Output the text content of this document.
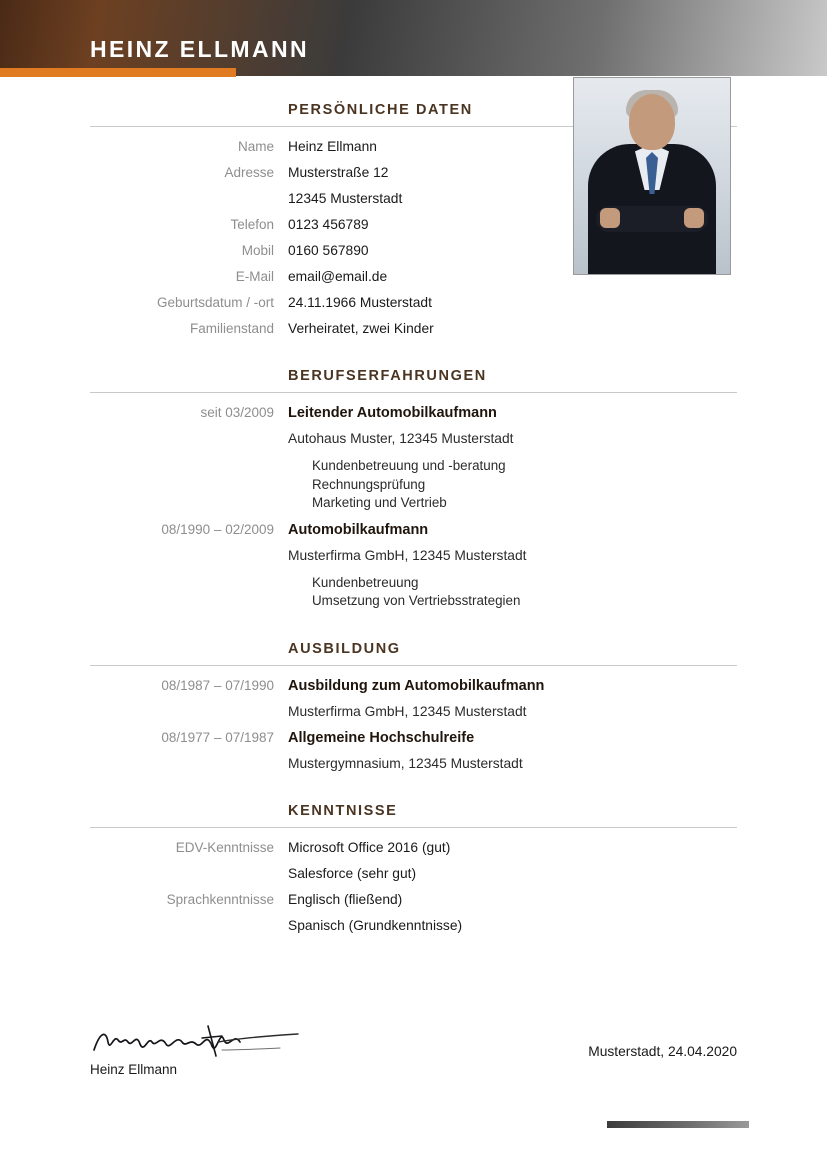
HEINZ ELLMANN
PERSÖNLICHE DATEN
Name	Heinz Ellmann
Adresse	Musterstraße 12
12345 Musterstadt
Telefon	0123 456789
Mobil	0160 567890
E-Mail	email@email.de
Geburtsdatum / -ort	24.11.1966 Musterstadt
Familienstand	Verheiratet, zwei Kinder
BERUFSERFAHRUNGEN
seit 03/2009 Leitender Automobilkaufmann
Autohaus Muster, 12345 Musterstadt
Kundenbetreuung und -beratung
Rechnungsprüfung
Marketing und Vertrieb
08/1990 – 02/2009 Automobilkaufmann
Musterfirma GmbH, 12345 Musterstadt
Kundenbetreuung
Umsetzung von Vertriebsstrategien
AUSBILDUNG
08/1987 – 07/1990 Ausbildung zum Automobilkaufmann
Musterfirma GmbH, 12345 Musterstadt
08/1977 – 07/1987 Allgemeine Hochschulreife
Mustergymnasium, 12345 Musterstadt
KENNTNISSE
EDV-Kenntnisse	Microsoft Office 2016 (gut)
Salesforce (sehr gut)
Sprachkenntnisse	Englisch (fließend)
Spanisch (Grundkenntnisse)
Heinz Ellmann
Musterstadt, 24.04.2020
